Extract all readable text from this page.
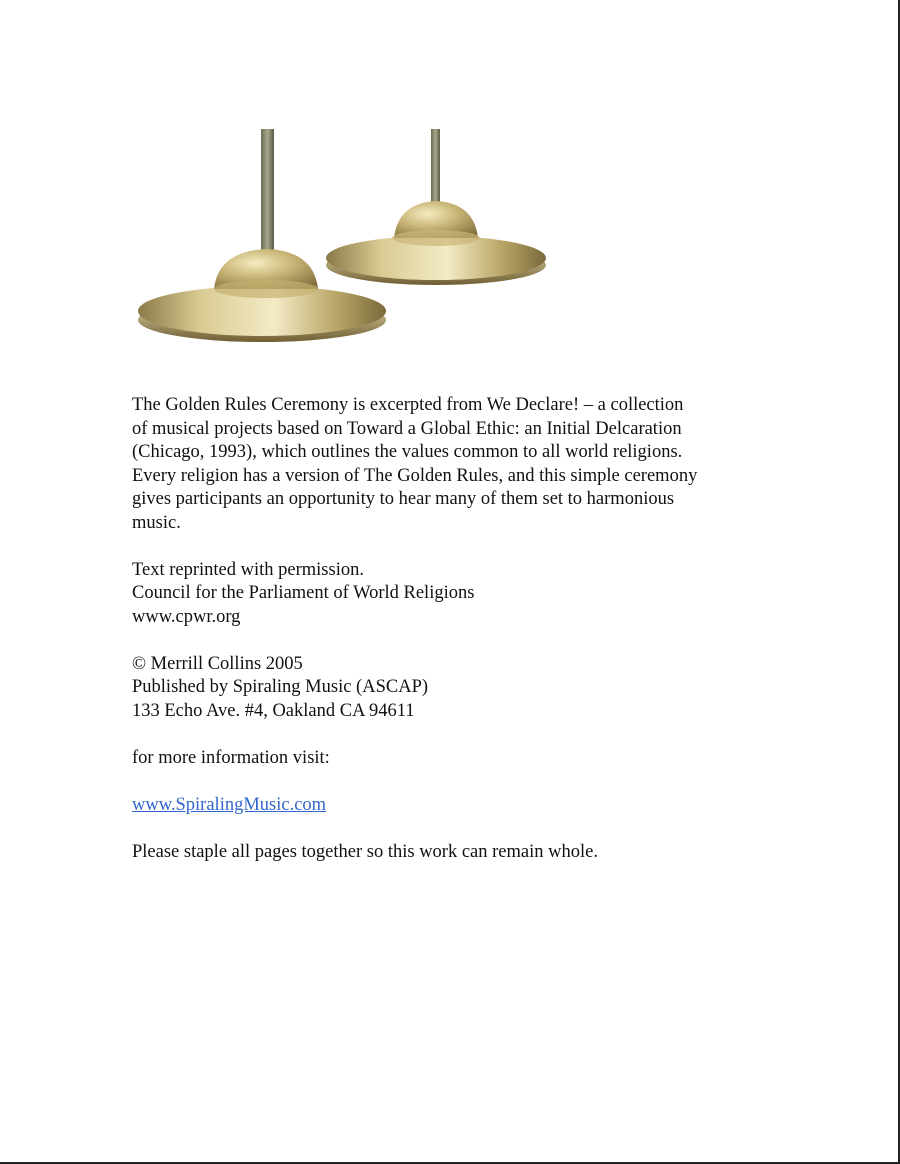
The Golden Rules Ceremony is excerpted from We Declare! – a collection

of musical projects based on Toward a Global Ethic: an Initial Delcaration

(Chicago, 1993), which outlines the values common to all world religions.

Every religion has a version of The Golden Rules, and this simple ceremony

gives participants an opportunity to hear many of them set to harmonious

music.

Text reprinted with permission.

Council for the Parliament of World Religions

www.cpwr.org

© Merrill Collins 2005

Published by Spiraling Music (ASCAP)

133 Echo Ave. #4, Oakland CA 94611

for more information visit:

www.SpiralingMusic.com

Please staple all pages together so this work can remain whole.
